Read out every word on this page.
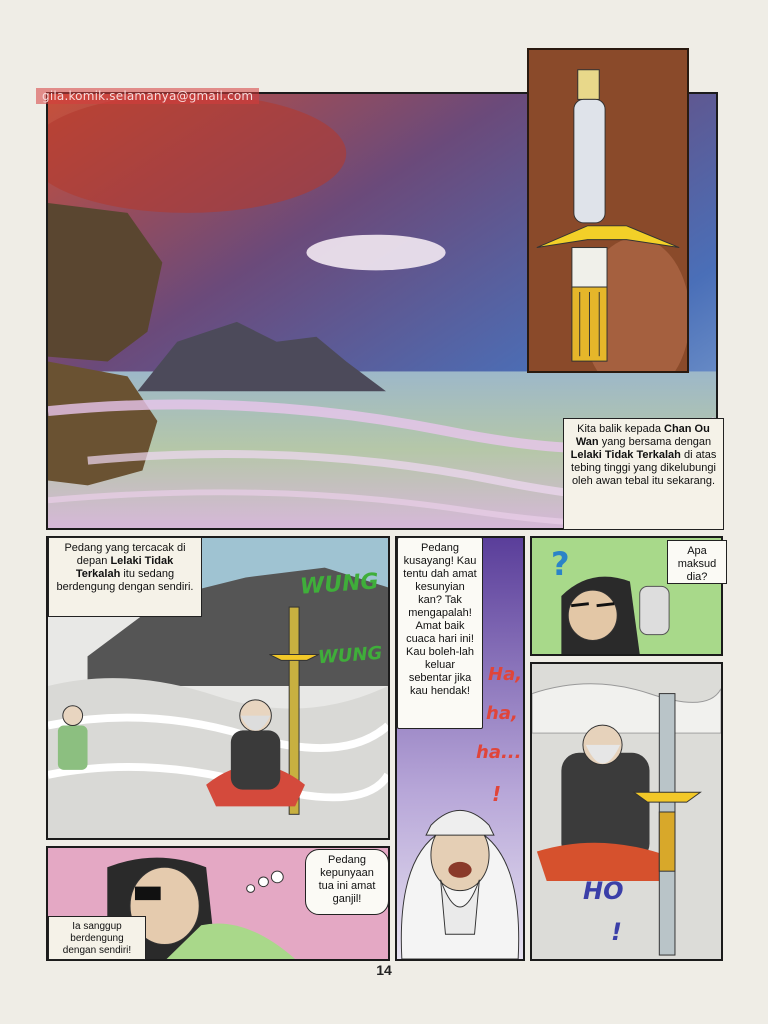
gila.komik.selamanya@gmail.com
Kita balik kepada Chan Ou Wan yang bersama dengan Lelaki Tidak Terkalah di atas tebing tinggi yang dikelubungi oleh awan tebal itu sekarang.
Pedang yang tercacak di depan Lelaki Tidak Terkalah itu sedang berdengung dengan sendiri.	WUNG
WUNG
Pedang kusayang! Kau tentu dah amat kesunyian kan? Tak mengapalah! Amat baik cuaca hari ini! Kau boleh-lah keluar sebentar jika kau hendak!
Ha,
ha,
ha...
!
?	Apa maksud dia?
HO
!
Pedang kepunyaan tua ini amat ganjil!
Ia sanggup berdengung dengan sendiri!
14
